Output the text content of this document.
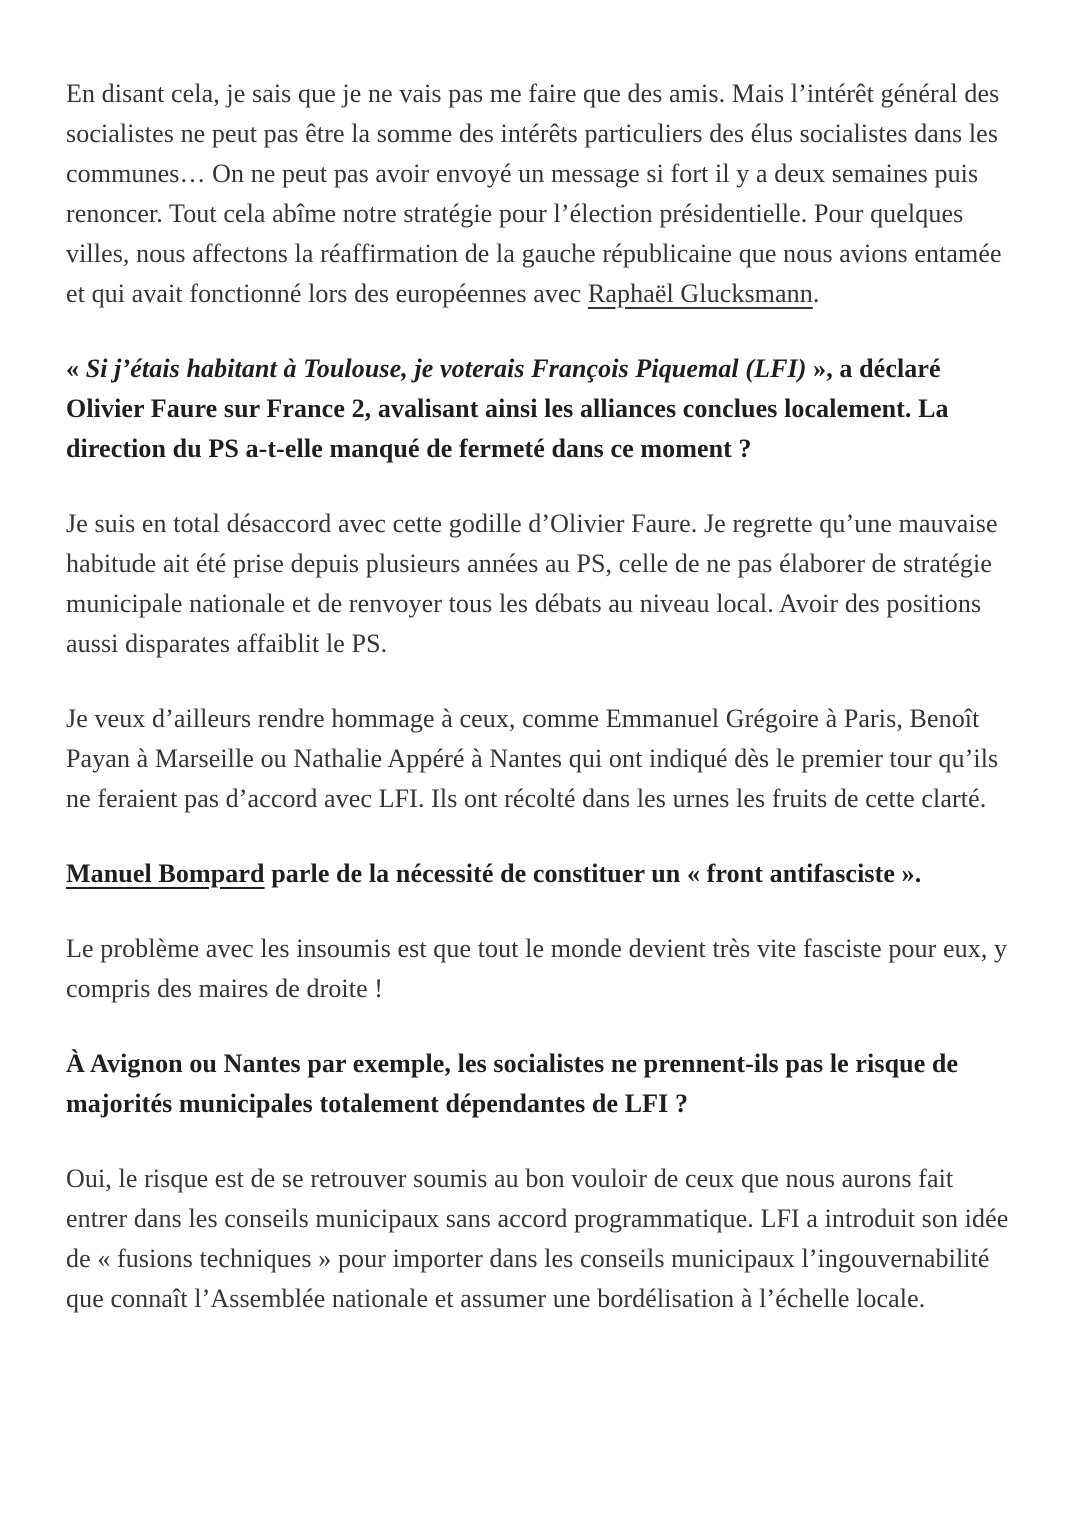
En disant cela, je sais que je ne vais pas me faire que des amis. Mais l’intérêt général des socialistes ne peut pas être la somme des intérêts particuliers des élus socialistes dans les communes… On ne peut pas avoir envoyé un message si fort il y a deux semaines puis renoncer. Tout cela abîme notre stratégie pour l’élection présidentielle. Pour quelques villes, nous affectons la réaffirmation de la gauche républicaine que nous avions entamée et qui avait fonctionné lors des européennes avec Raphaël Glucksmann.

« Si j’étais habitant à Toulouse, je voterais François Piquemal (LFI) », a déclaré Olivier Faure sur France 2, avalisant ainsi les alliances conclues localement. La direction du PS a-t-elle manqué de fermeté dans ce moment ?

Je suis en total désaccord avec cette godille d’Olivier Faure. Je regrette qu’une mauvaise habitude ait été prise depuis plusieurs années au PS, celle de ne pas élaborer de stratégie municipale nationale et de renvoyer tous les débats au niveau local. Avoir des positions aussi disparates affaiblit le PS.

Je veux d’ailleurs rendre hommage à ceux, comme Emmanuel Grégoire à Paris, Benoît Payan à Marseille ou Nathalie Appéré à Nantes qui ont indiqué dès le premier tour qu’ils ne feraient pas d’accord avec LFI. Ils ont récolté dans les urnes les fruits de cette clarté.

Manuel Bompard parle de la nécessité de constituer un « front antifasciste ».

Le problème avec les insoumis est que tout le monde devient très vite fasciste pour eux, y compris des maires de droite !

À Avignon ou Nantes par exemple, les socialistes ne prennent-ils pas le risque de majorités municipales totalement dépendantes de LFI ?

Oui, le risque est de se retrouver soumis au bon vouloir de ceux que nous aurons fait entrer dans les conseils municipaux sans accord programmatique. LFI a introduit son idée de « fusions techniques » pour importer dans les conseils municipaux l’ingouvernabilité que connaît l’Assemblée nationale et assumer une bordélisation à l’échelle locale.
